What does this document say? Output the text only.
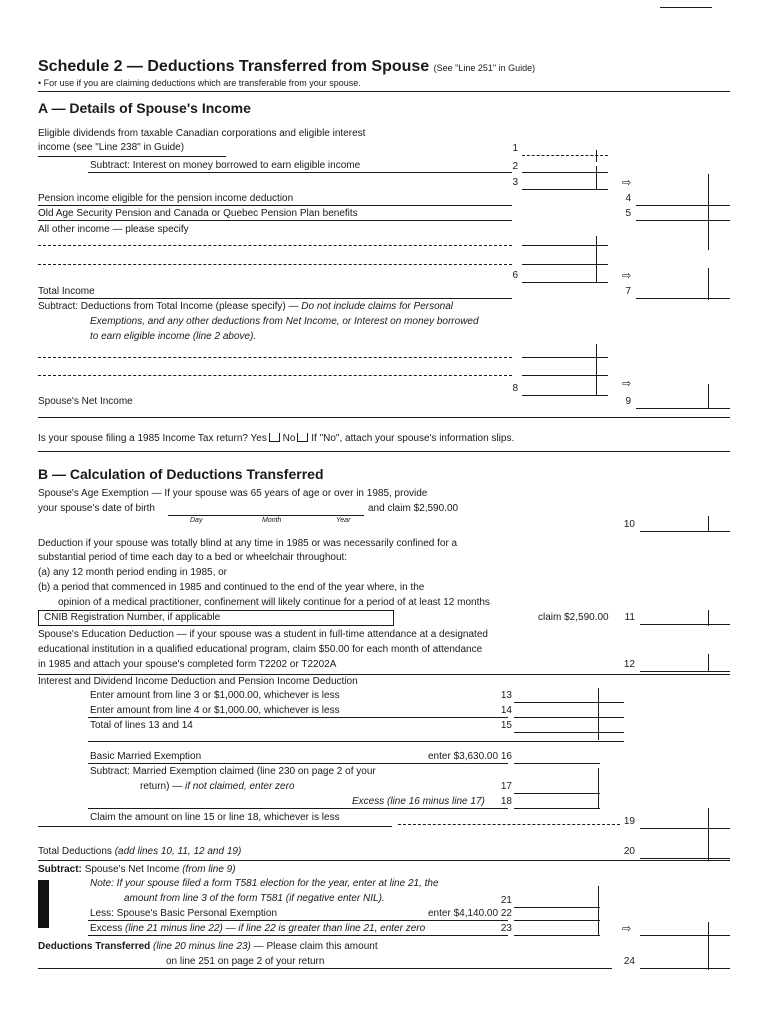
Schedule 2 — Deductions Transferred from Spouse (See "Line 251" in Guide)
• For use if you are claiming deductions which are transferable from your spouse.
A — Details of Spouse's Income
Eligible dividends from taxable Canadian corporations and eligible interest
income (see "Line 238" in Guide)	1
Subtract: Interest on money borrowed to earn eligible income	2
3	⇨
Pension income eligible for the pension income deduction	4
Old Age Security Pension and Canada or Quebec Pension Plan benefits	5
All other income — please specify
6	⇨
Total Income	7
Subtract: Deductions from Total Income (please specify) — Do not include claims for Personal
Exemptions, and any other deductions from Net Income, or Interest on money borrowed
to earn eligible income (line 2 above).
8	⇨
Spouse's Net Income	9
Is your spouse filing a 1985 Income Tax return? Yes No If "No", attach your spouse's information slips.
B — Calculation of Deductions Transferred
Spouse's Age Exemption — If your spouse was 65 years of age or over in 1985, provide
your spouse's date of birth	and claim $2,590.00
Day	Month	Year	10
Deduction if your spouse was totally blind at any time in 1985 or was necessarily confined for a
substantial period of time each day to a bed or wheelchair throughout:
(a) any 12 month period ending in 1985, or
(b) a period that commenced in 1985 and continued to the end of the year where, in the
opinion of a medical practitioner, confinement will likely continue for a period of at least 12 months
CNIB Registration Number, if applicable	claim $2,590.00	11
Spouse's Education Deduction — if your spouse was a student in full-time attendance at a designated
educational institution in a qualified educational program, claim $50.00 for each month of attendance
in 1985 and attach your spouse's completed form T2202 or T2202A	12
Interest and Dividend Income Deduction and Pension Income Deduction
Enter amount from line 3 or $1,000.00, whichever is less	13
Enter amount from line 4 or $1,000.00, whichever is less	14
Total of lines 13 and 14	15
Basic Married Exemption	enter $3,630.00 16
Subtract: Married Exemption claimed (line 230 on page 2 of your
return) — if not claimed, enter zero	17
Excess (line 16 minus line 17) 18
Claim the amount on line 15 or line 18, whichever is less	19
Total Deductions (add lines 10, 11, 12 and 19)	20
Subtract: Spouse's Net Income (from line 9)
Note: If your spouse filed a form T581 election for the year, enter at line 21, the
amount from line 3 of the form T581 (if negative enter NIL).	21
Less: Spouse's Basic Personal Exemption	enter $4,140.00 22
Excess (line 21 minus line 22) — if line 22 is greater than line 21, enter zero	23	⇨
Deductions Transferred (line 20 minus line 23) — Please claim this amount
on line 251 on page 2 of your return	24
